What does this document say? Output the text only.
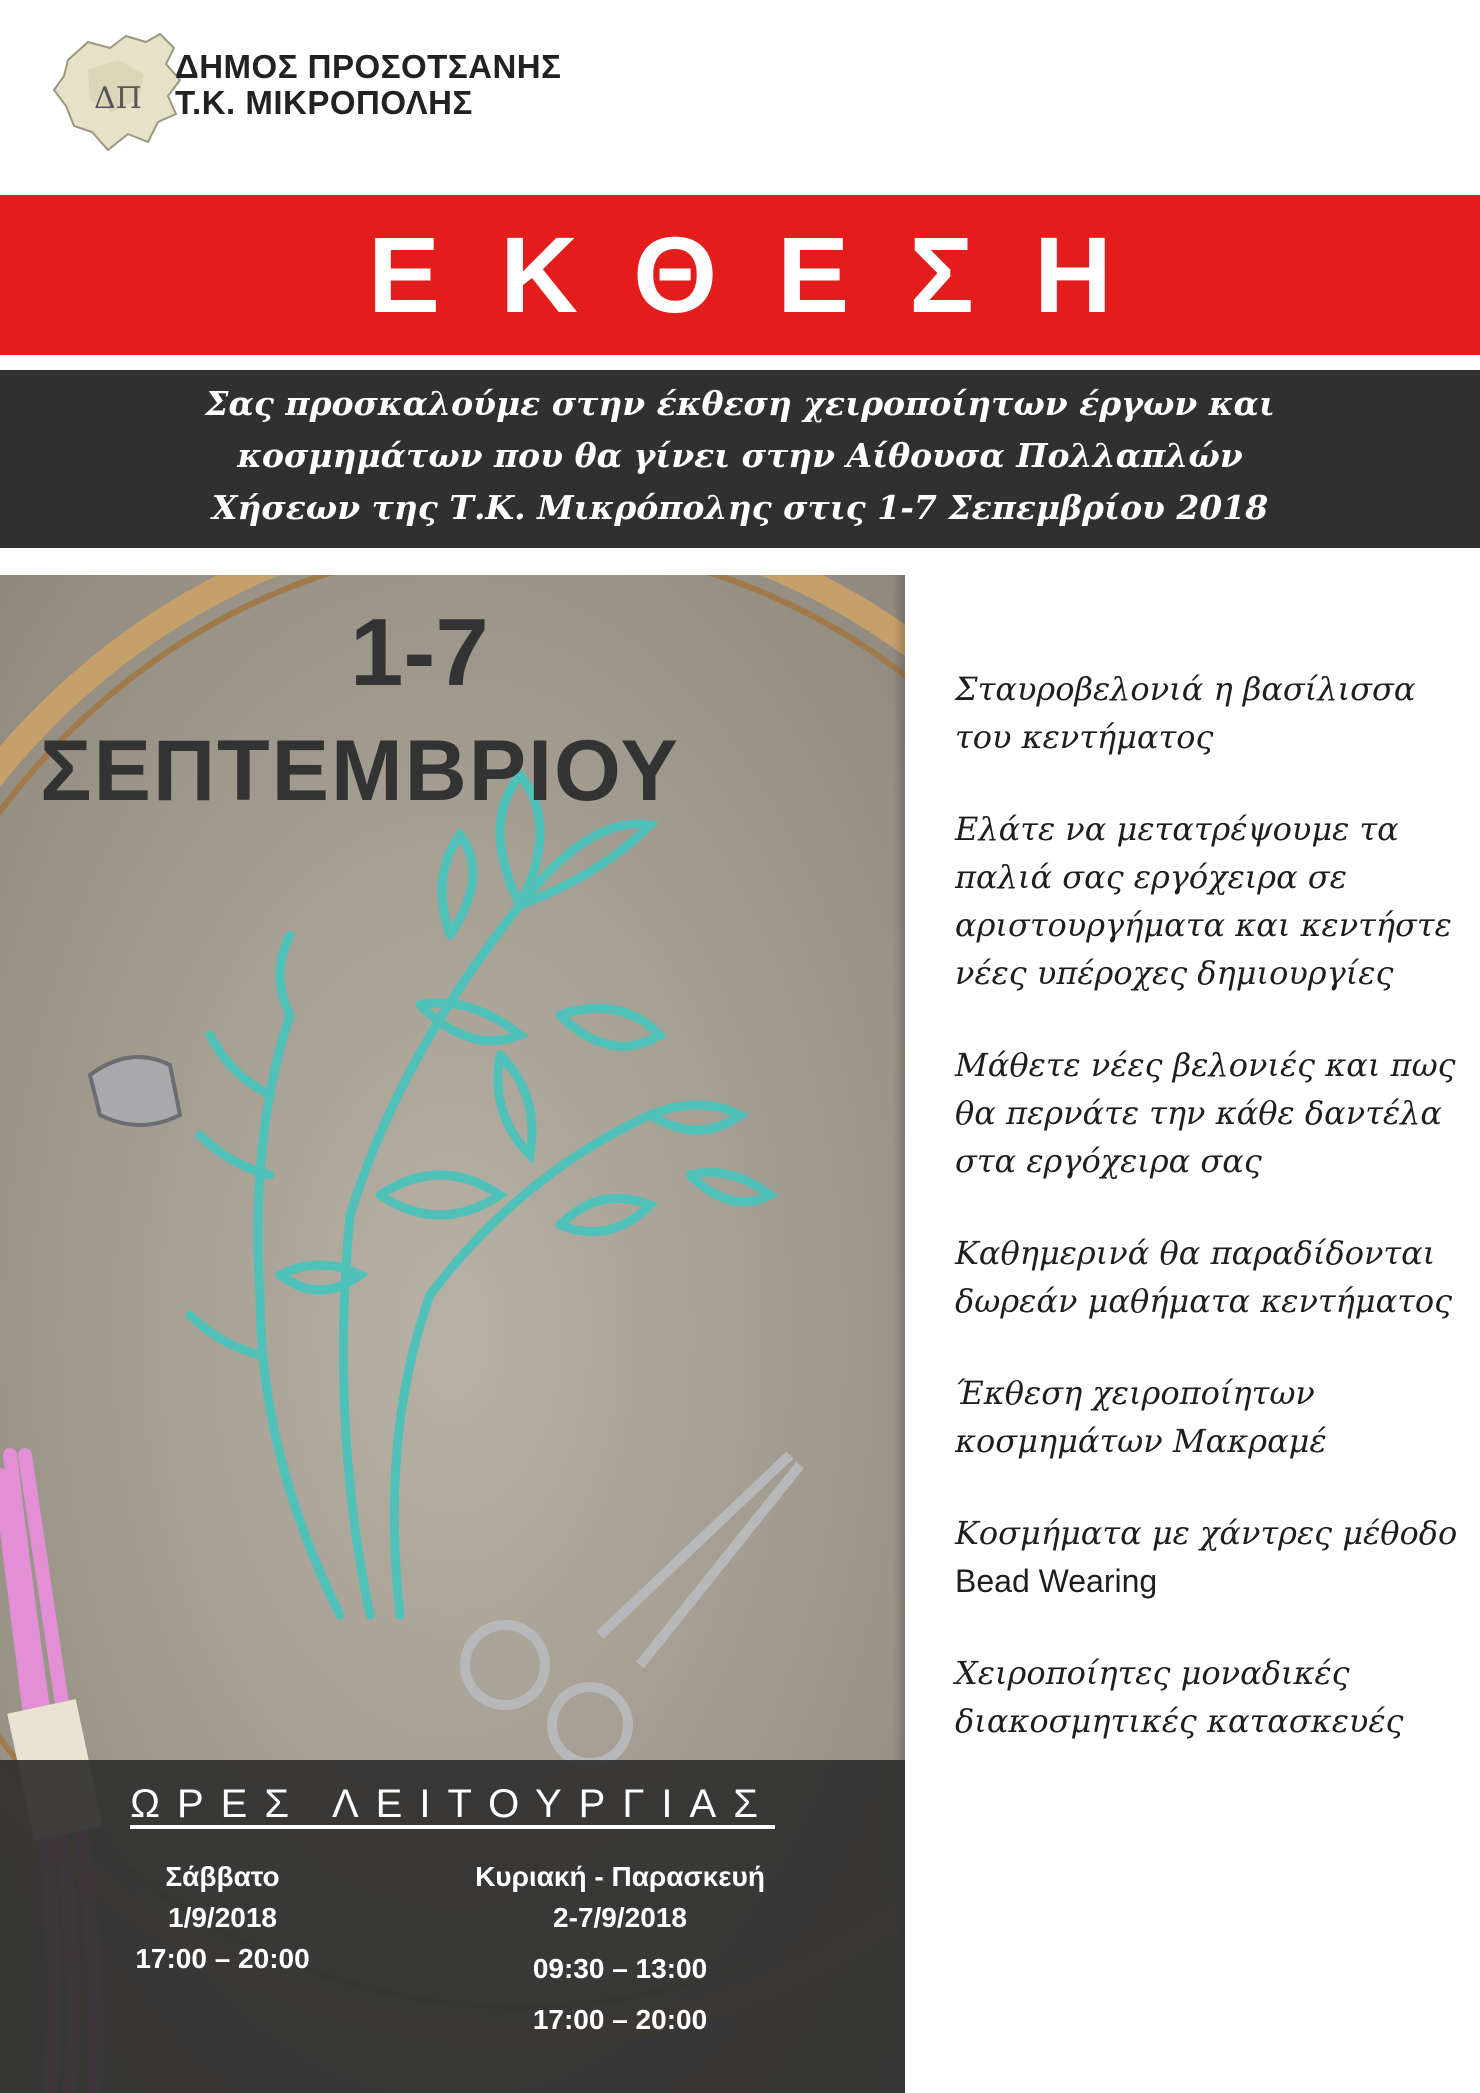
ΔΠ
ΔΗΜΟΣ ΠΡΟΣΟΤΣΑΝΗΣ
Τ.Κ. ΜΙΚΡΟΠΟΛΗΣ
ΕΚΘΕΣΗ
Σας προσκαλούμε στην έκθεση χειροποίητων έργων και
κοσμημάτων που θα γίνει στην Αίθουσα Πολλαπλών
Χήσεων της Τ.Κ. Μικρόπολης στις 1-7 Σεπεμβρίου 2018
1-7
ΣΕΠΤΕΜΒΡΙΟΥ
ΩΡΕΣ ΛΕΙΤΟΥΡΓΙΑΣ
Σάββατο
1/9/2018
17:00 – 20:00
Κυριακή - Παρασκευή
2-7/9/2018
09:30 – 13:00
17:00 – 20:00
Σταυροβελονιά η βασίλισσα του κεντήματος
Ελάτε να μετατρέψουμε τα παλιά σας εργόχειρα σε αριστουργήματα και κεντήστε νέες υπέροχες δημιουργίες
Μάθετε νέες βελονιές και πως θα περνάτε την κάθε δαντέλα στα εργόχειρα σας
Καθημερινά θα παραδίδονται δωρεάν μαθήματα κεντήματος
Έκθεση χειροποίητων κοσμημάτων Μακραμέ
Κοσμήματα με χάντρες μέθοδο Bead Wearing
Χειροποίητες μοναδικές διακοσμητικές κατασκευές
